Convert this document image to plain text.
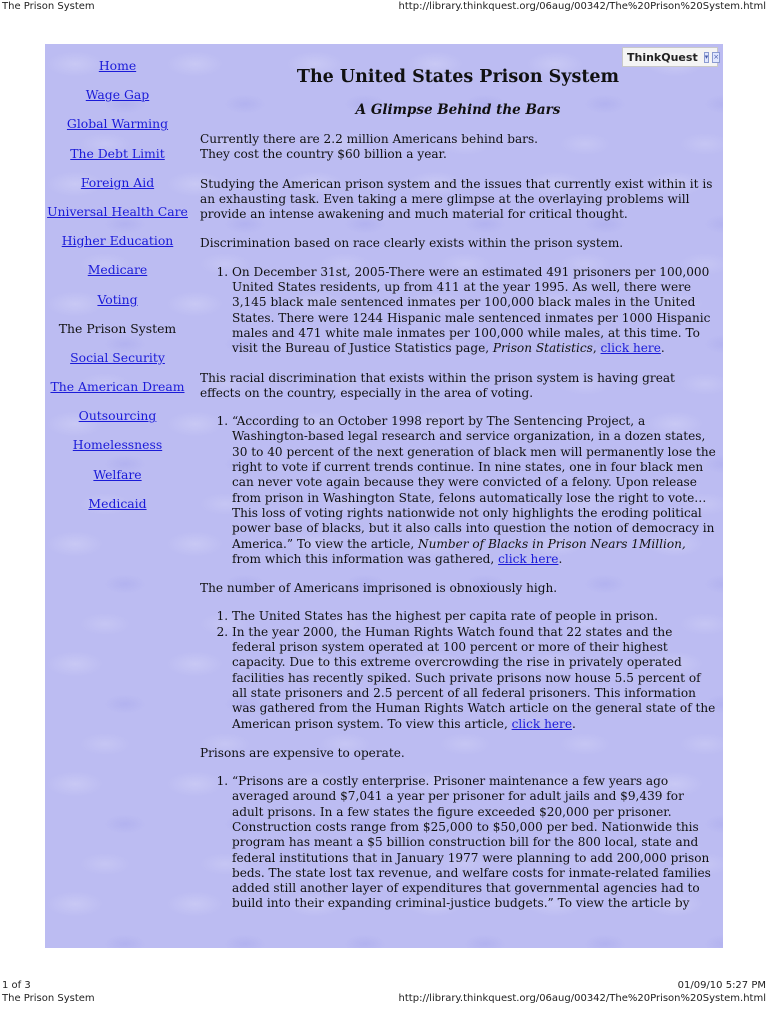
The Prison System	http://library.thinkquest.org/06aug/00342/The%20Prison%20System.html
ThinkQuest ▾ ×
Home
Wage Gap
Global Warming
The Debt Limit
Foreign Aid
Universal Health Care
Higher Education
Medicare
Voting
The Prison System
Social Security
The American Dream
Outsourcing
Homelessness
Welfare
Medicaid
The United States Prison System
A Glimpse Behind the Bars

Currently there are 2.2 million Americans behind bars.
They cost the country $60 billion a year.

Studying the American prison system and the issues that currently exist within it is an exhausting task. Even taking a mere glimpse at the overlaying problems will provide an intense awakening and much material for critical thought.

Discrimination based on race clearly exists within the prison system.

1. On December 31st, 2005-There were an estimated 491 prisoners per 100,000 United States residents, up from 411 at the year 1995. As well, there were 3,145 black male sentenced inmates per 100,000 black males in the United States. There were 1244 Hispanic male sentenced inmates per 1000 Hispanic males and 471 white male inmates per 100,000 while males, at this time. To visit the Bureau of Justice Statistics page, Prison Statistics, click here.

This racial discrimination that exists within the prison system is having great effects on the country, especially in the area of voting.

1. “According to an October 1998 report by The Sentencing Project, a Washington-based legal research and service organization, in a dozen states, 30 to 40 percent of the next generation of black men will permanently lose the right to vote if current trends continue. In nine states, one in four black men can never vote again because they were convicted of a felony. Upon release from prison in Washington State, felons automatically lose the right to vote…This loss of voting rights nationwide not only highlights the eroding political power base of blacks, but it also calls into question the notion of democracy in America.” To view the article, Number of Blacks in Prison Nears 1Million, from which this information was gathered, click here.

The number of Americans imprisoned is obnoxiously high.

1. The United States has the highest per capita rate of people in prison.
2. In the year 2000, the Human Rights Watch found that 22 states and the federal prison system operated at 100 percent or more of their highest capacity. Due to this extreme overcrowding the rise in privately operated facilities has recently spiked. Such private prisons now house 5.5 percent of all state prisoners and 2.5 percent of all federal prisoners. This information was gathered from the Human Rights Watch article on the general state of the American prison system. To view this article, click here.

Prisons are expensive to operate.

1. “Prisons are a costly enterprise. Prisoner maintenance a few years ago averaged around $7,041 a year per prisoner for adult jails and $9,439 for adult prisons. In a few states the figure exceeded $20,000 per prisoner. Construction costs range from $25,000 to $50,000 per bed. Nationwide this program has meant a $5 billion construction bill for the 800 local, state and federal institutions that in January 1977 were planning to add 200,000 prison beds. The state lost tax revenue, and welfare costs for inmate-related families added still another layer of expenditures that governmental agencies had to build into their expanding criminal-justice budgets.” To view the article by
1 of 3	01/09/10 5:27 PM
The Prison System	http://library.thinkquest.org/06aug/00342/The%20Prison%20System.html
